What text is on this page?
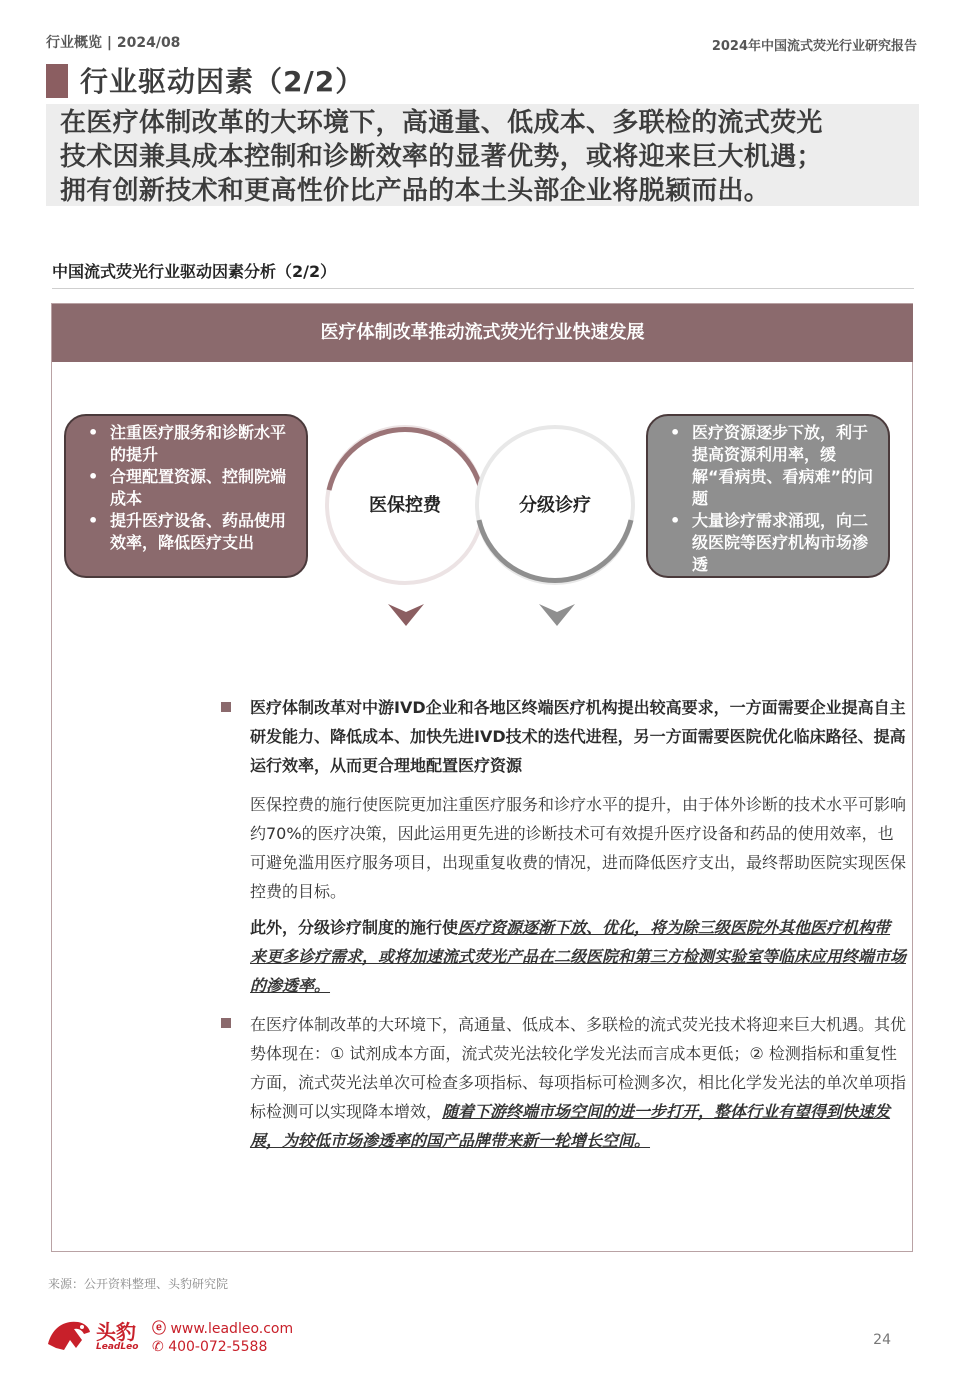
行业概览 | 2024/08	2024年中国流式荧光行业研究报告
行业驱动因素（2/2）

在医疗体制改革的大环境下，高通量、低成本、多联检的流式荧光

技术因兼具成本控制和诊断效率的显著优势，或将迎来巨大机遇；

拥有创新技术和更高性价比产品的本土头部企业将脱颖而出。

中国流式荧光行业驱动因素分析（2/2）
医疗体制改革推动流式荧光行业快速发展
• 注重医疗服务和诊断水平的提升
• 合理配置资源、控制院端成本
• 提升医疗设备、药品使用效率，降低医疗支出
• 医疗资源逐步下放，利于提高资源利用率，缓解“看病贵、看病难”的问题
• 大量诊疗需求涌现，向二级医院等医疗机构市场渗透
医保控费	分级诊疗
医疗体制改革对中游IVD企业和各地区终端医疗机构提出较高要求，一方面需要企业提高自主研发能力、降低成本、加快先进IVD技术的迭代进程，另一方面需要医院优化临床路径、提高运行效率，从而更合理地配置医疗资源
医保控费的施行使医院更加注重医疗服务和诊疗水平的提升，由于体外诊断的技术水平可影响约70%的医疗决策，因此运用更先进的诊断技术可有效提升医疗设备和药品的使用效率，也可避免滥用医疗服务项目，出现重复收费的情况，进而降低医疗支出，最终帮助医院实现医保控费的目标。
此外，分级诊疗制度的施行使医疗资源逐渐下放、优化，将为除三级医院外其他医疗机构带来更多诊疗需求，或将加速流式荧光产品在二级医院和第三方检测实验室等临床应用终端市场的渗透率。
在医疗体制改革的大环境下，高通量、低成本、多联检的流式荧光技术将迎来巨大机遇。其优势体现在：① 试剂成本方面，流式荧光法较化学发光法而言成本更低；② 检测指标和重复性方面，流式荧光法单次可检查多项指标、每项指标可检测多次，相比化学发光法的单次单项指标检测可以实现降本增效，随着下游终端市场空间的进一步打开，整体行业有望得到快速发展，为较低市场渗透率的国产品牌带来新一轮增长空间。
来源：公开资料整理、头豹研究院
头豹
LeadLeo
ⓔ www.leadleo.com
✆ 400-072-5588	24
